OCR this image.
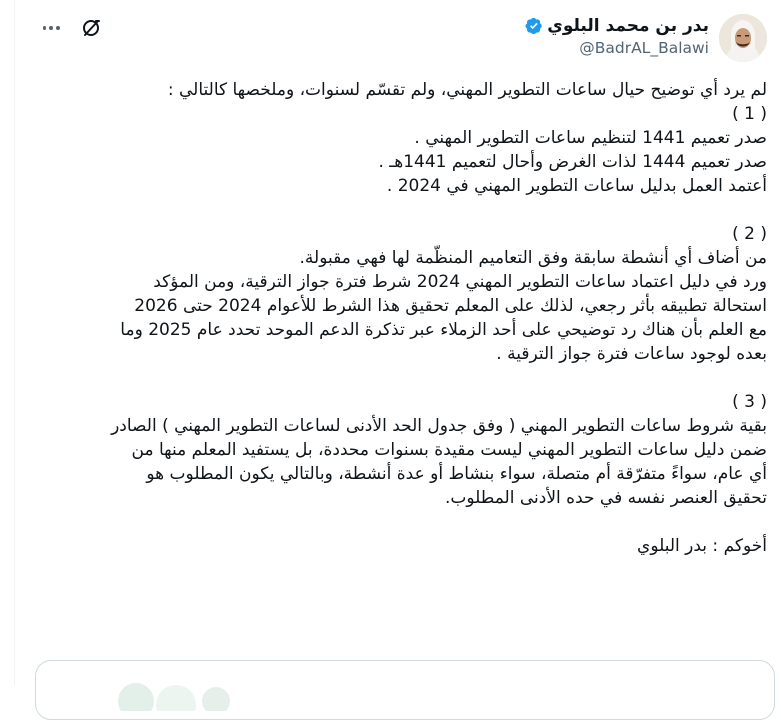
بدر بن محمد البلوي
@BadrAL_Balawi

لم يرد أي توضيح حيال ساعات التطوير المهني، ولم تقسّم لسنوات، وملخصها كالتالي :

( 1 )

صدر تعميم 1441 لتنظيم ساعات التطوير المهني .

صدر تعميم 1444 لذات الغرض وأحال لتعميم 1441هـ .

أعتمد العمل بدليل ساعات التطوير المهني في 2024 .

( 2 )

من أضاف أي أنشطة سابقة وفق التعاميم المنظّمة لها فهي مقبولة.

ورد في دليل اعتماد ساعات التطوير المهني 2024 شرط فترة جواز الترقية، ومن المؤكد

استحالة تطبيقه بأثر رجعي، لذلك على المعلم تحقيق هذا الشرط للأعوام 2024 حتى 2026

مع العلم بأن هناك رد توضيحي على أحد الزملاء عبر تذكرة الدعم الموحد تحدد عام 2025 وما

بعده لوجود ساعات فترة جواز الترقية .

( 3 )

بقية شروط ساعات التطوير المهني ( وفق جدول الحد الأدنى لساعات التطوير المهني ) الصادر

ضمن دليل ساعات التطوير المهني ليست مقيدة بسنوات محددة، بل يستفيد المعلم منها من

أي عام، سواءً متفرّقة أم متصلة، سواء بنشاط أو عدة أنشطة، وبالتالي يكون المطلوب هو

تحقيق العنصر نفسه في حده الأدنى المطلوب.

أخوكم : بدر البلوي
